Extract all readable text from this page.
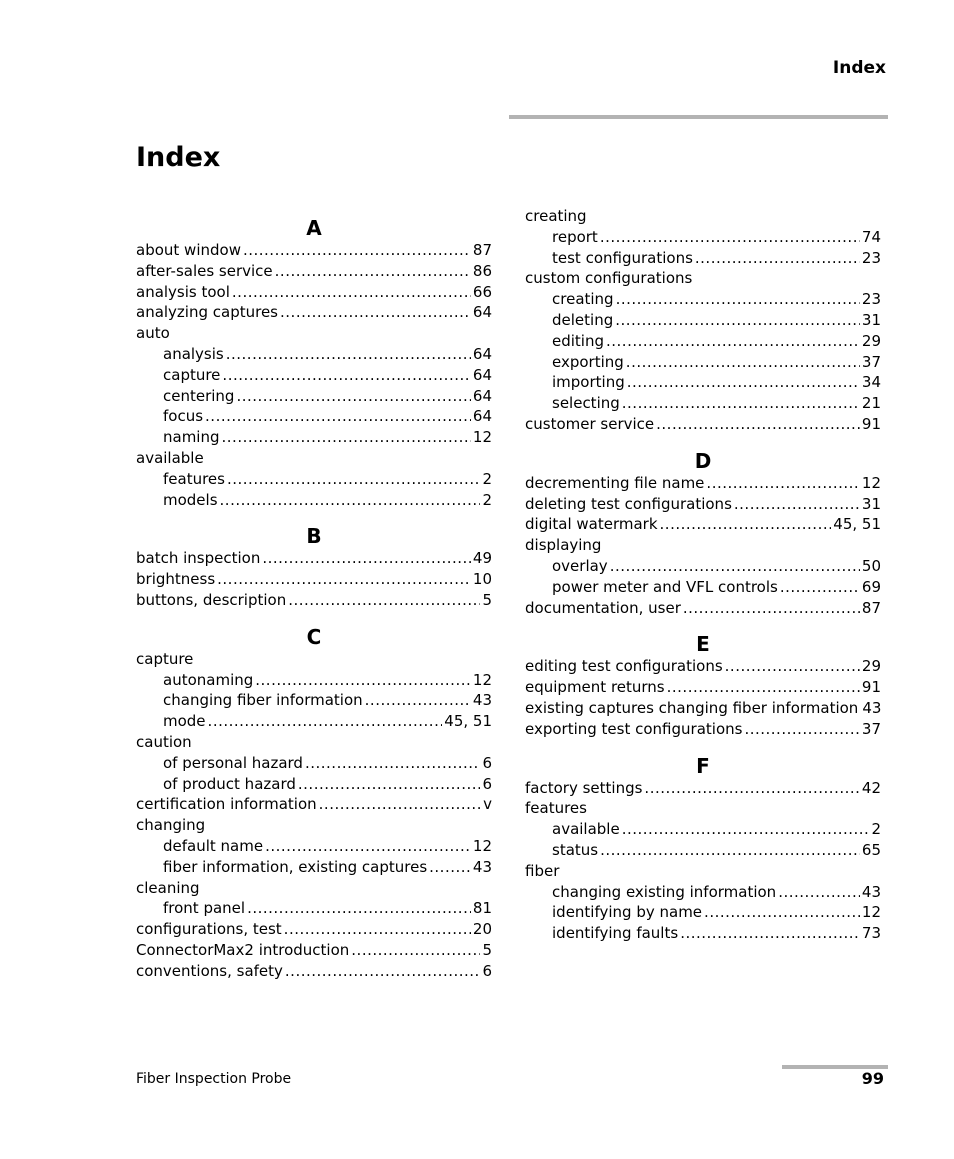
Index
Index
A
about window .....	87
after-sales service .....	86
analysis tool .....	66
analyzing captures .....	64
auto
analysis .....	64
capture .....	64
centering .....	64
focus .....	64
naming .....	12
available
features .....	2
models .....	2
B
batch inspection .....	49
brightness .....	10
buttons, description .....	5
C
capture
autonaming .....	12
changing fiber information .....	43
mode .....	45, 51
caution
of personal hazard .....	6
of product hazard .....	6
certification information .....	v
changing
default name .....	12
fiber information, existing captures .....	43
cleaning
front panel .....	81
configurations, test .....	20
ConnectorMax2 introduction .....	5
conventions, safety .....	6
creating
report .....	74
test configurations .....	23
custom configurations
creating .....	23
deleting .....	31
editing .....	29
exporting .....	37
importing .....	34
selecting .....	21
customer service .....	91
D
decrementing file name .....	12
deleting test configurations .....	31
digital watermark .....	45, 51
displaying
overlay .....	50
power meter and VFL controls .....	69
documentation, user .....	87
E
editing test configurations .....	29
equipment returns .....	91
existing captures changing fiber information 43
exporting test configurations .....	37
F
factory settings .....	42
features
available .....	2
status .....	65
fiber
changing existing information .....	43
identifying by name .....	12
identifying faults .....	73
Fiber Inspection Probe	99
